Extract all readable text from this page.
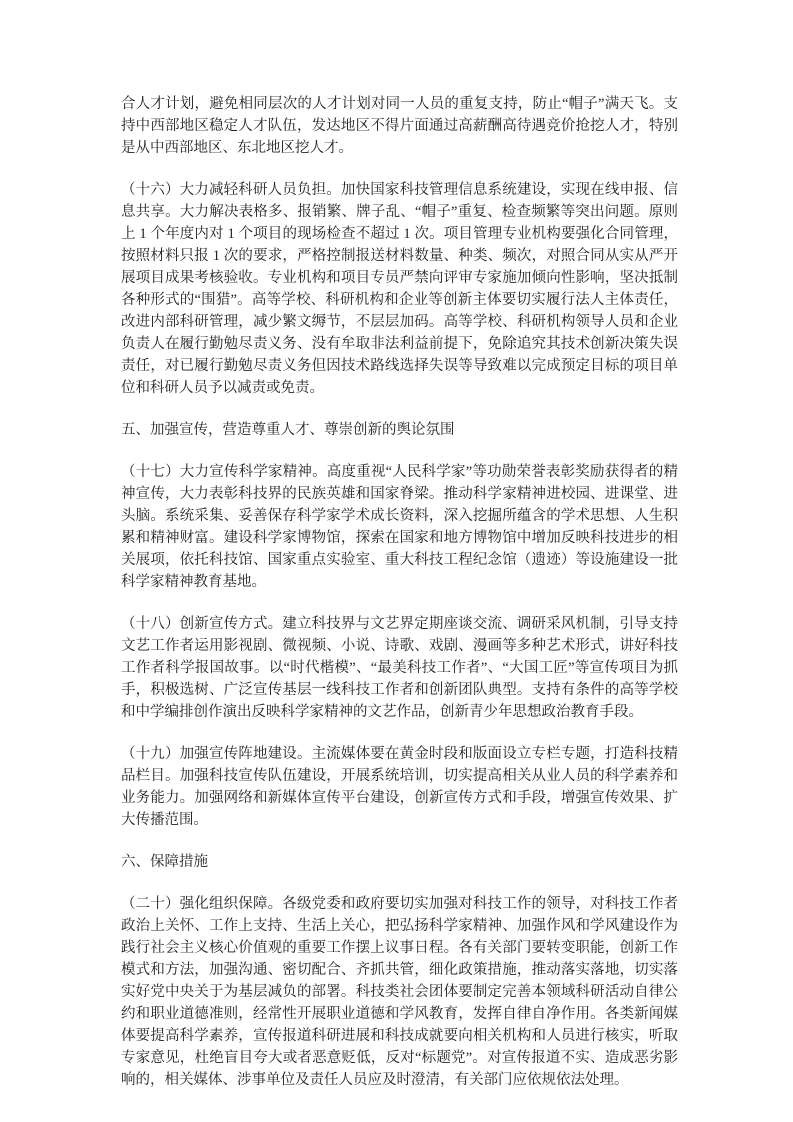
合人才计划，避免相同层次的人才计划对同一人员的重复支持，防止“帽子”满天飞。支持中西部地区稳定人才队伍，发达地区不得片面通过高薪酬高待遇竞价抢挖人才，特别是从中西部地区、东北地区挖人才。

（十六）大力减轻科研人员负担。加快国家科技管理信息系统建设，实现在线申报、信息共享。大力解决表格多、报销繁、牌子乱、“帽子”重复、检查频繁等突出问题。原则上 1 个年度内对 1 个项目的现场检查不超过 1 次。项目管理专业机构要强化合同管理，按照材料只报 1 次的要求，严格控制报送材料数量、种类、频次，对照合同从实从严开展项目成果考核验收。专业机构和项目专员严禁向评审专家施加倾向性影响，坚决抵制各种形式的“围猎”。高等学校、科研机构和企业等创新主体要切实履行法人主体责任，改进内部科研管理，减少繁文缛节，不层层加码。高等学校、科研机构领导人员和企业负责人在履行勤勉尽责义务、没有牟取非法利益前提下，免除追究其技术创新决策失误责任，对已履行勤勉尽责义务但因技术路线选择失误等导致难以完成预定目标的项目单位和科研人员予以减责或免责。

五、加强宣传，营造尊重人才、尊崇创新的舆论氛围

（十七）大力宣传科学家精神。高度重视“人民科学家”等功勋荣誉表彰奖励获得者的精神宣传，大力表彰科技界的民族英雄和国家脊梁。推动科学家精神进校园、进课堂、进头脑。系统采集、妥善保存科学家学术成长资料，深入挖掘所蕴含的学术思想、人生积累和精神财富。建设科学家博物馆，探索在国家和地方博物馆中增加反映科技进步的相关展项，依托科技馆、国家重点实验室、重大科技工程纪念馆（遗迹）等设施建设一批科学家精神教育基地。

（十八）创新宣传方式。建立科技界与文艺界定期座谈交流、调研采风机制，引导支持文艺工作者运用影视剧、微视频、小说、诗歌、戏剧、漫画等多种艺术形式，讲好科技工作者科学报国故事。以“时代楷模”、“最美科技工作者”、“大国工匠”等宣传项目为抓手，积极选树、广泛宣传基层一线科技工作者和创新团队典型。支持有条件的高等学校和中学编排创作演出反映科学家精神的文艺作品，创新青少年思想政治教育手段。

（十九）加强宣传阵地建设。主流媒体要在黄金时段和版面设立专栏专题，打造科技精品栏目。加强科技宣传队伍建设，开展系统培训，切实提高相关从业人员的科学素养和业务能力。加强网络和新媒体宣传平台建设，创新宣传方式和手段，增强宣传效果、扩大传播范围。

六、保障措施

（二十）强化组织保障。各级党委和政府要切实加强对科技工作的领导，对科技工作者政治上关怀、工作上支持、生活上关心，把弘扬科学家精神、加强作风和学风建设作为践行社会主义核心价值观的重要工作摆上议事日程。各有关部门要转变职能，创新工作模式和方法，加强沟通、密切配合、齐抓共管，细化政策措施，推动落实落地，切实落实好党中央关于为基层减负的部署。科技类社会团体要制定完善本领域科研活动自律公约和职业道德准则，经常性开展职业道德和学风教育，发挥自律自净作用。各类新闻媒体要提高科学素养，宣传报道科研进展和科技成就要向相关机构和人员进行核实，听取专家意见，杜绝盲目夸大或者恶意贬低，反对“标题党”。对宣传报道不实、造成恶劣影响的，相关媒体、涉事单位及责任人员应及时澄清，有关部门应依规依法处理。
